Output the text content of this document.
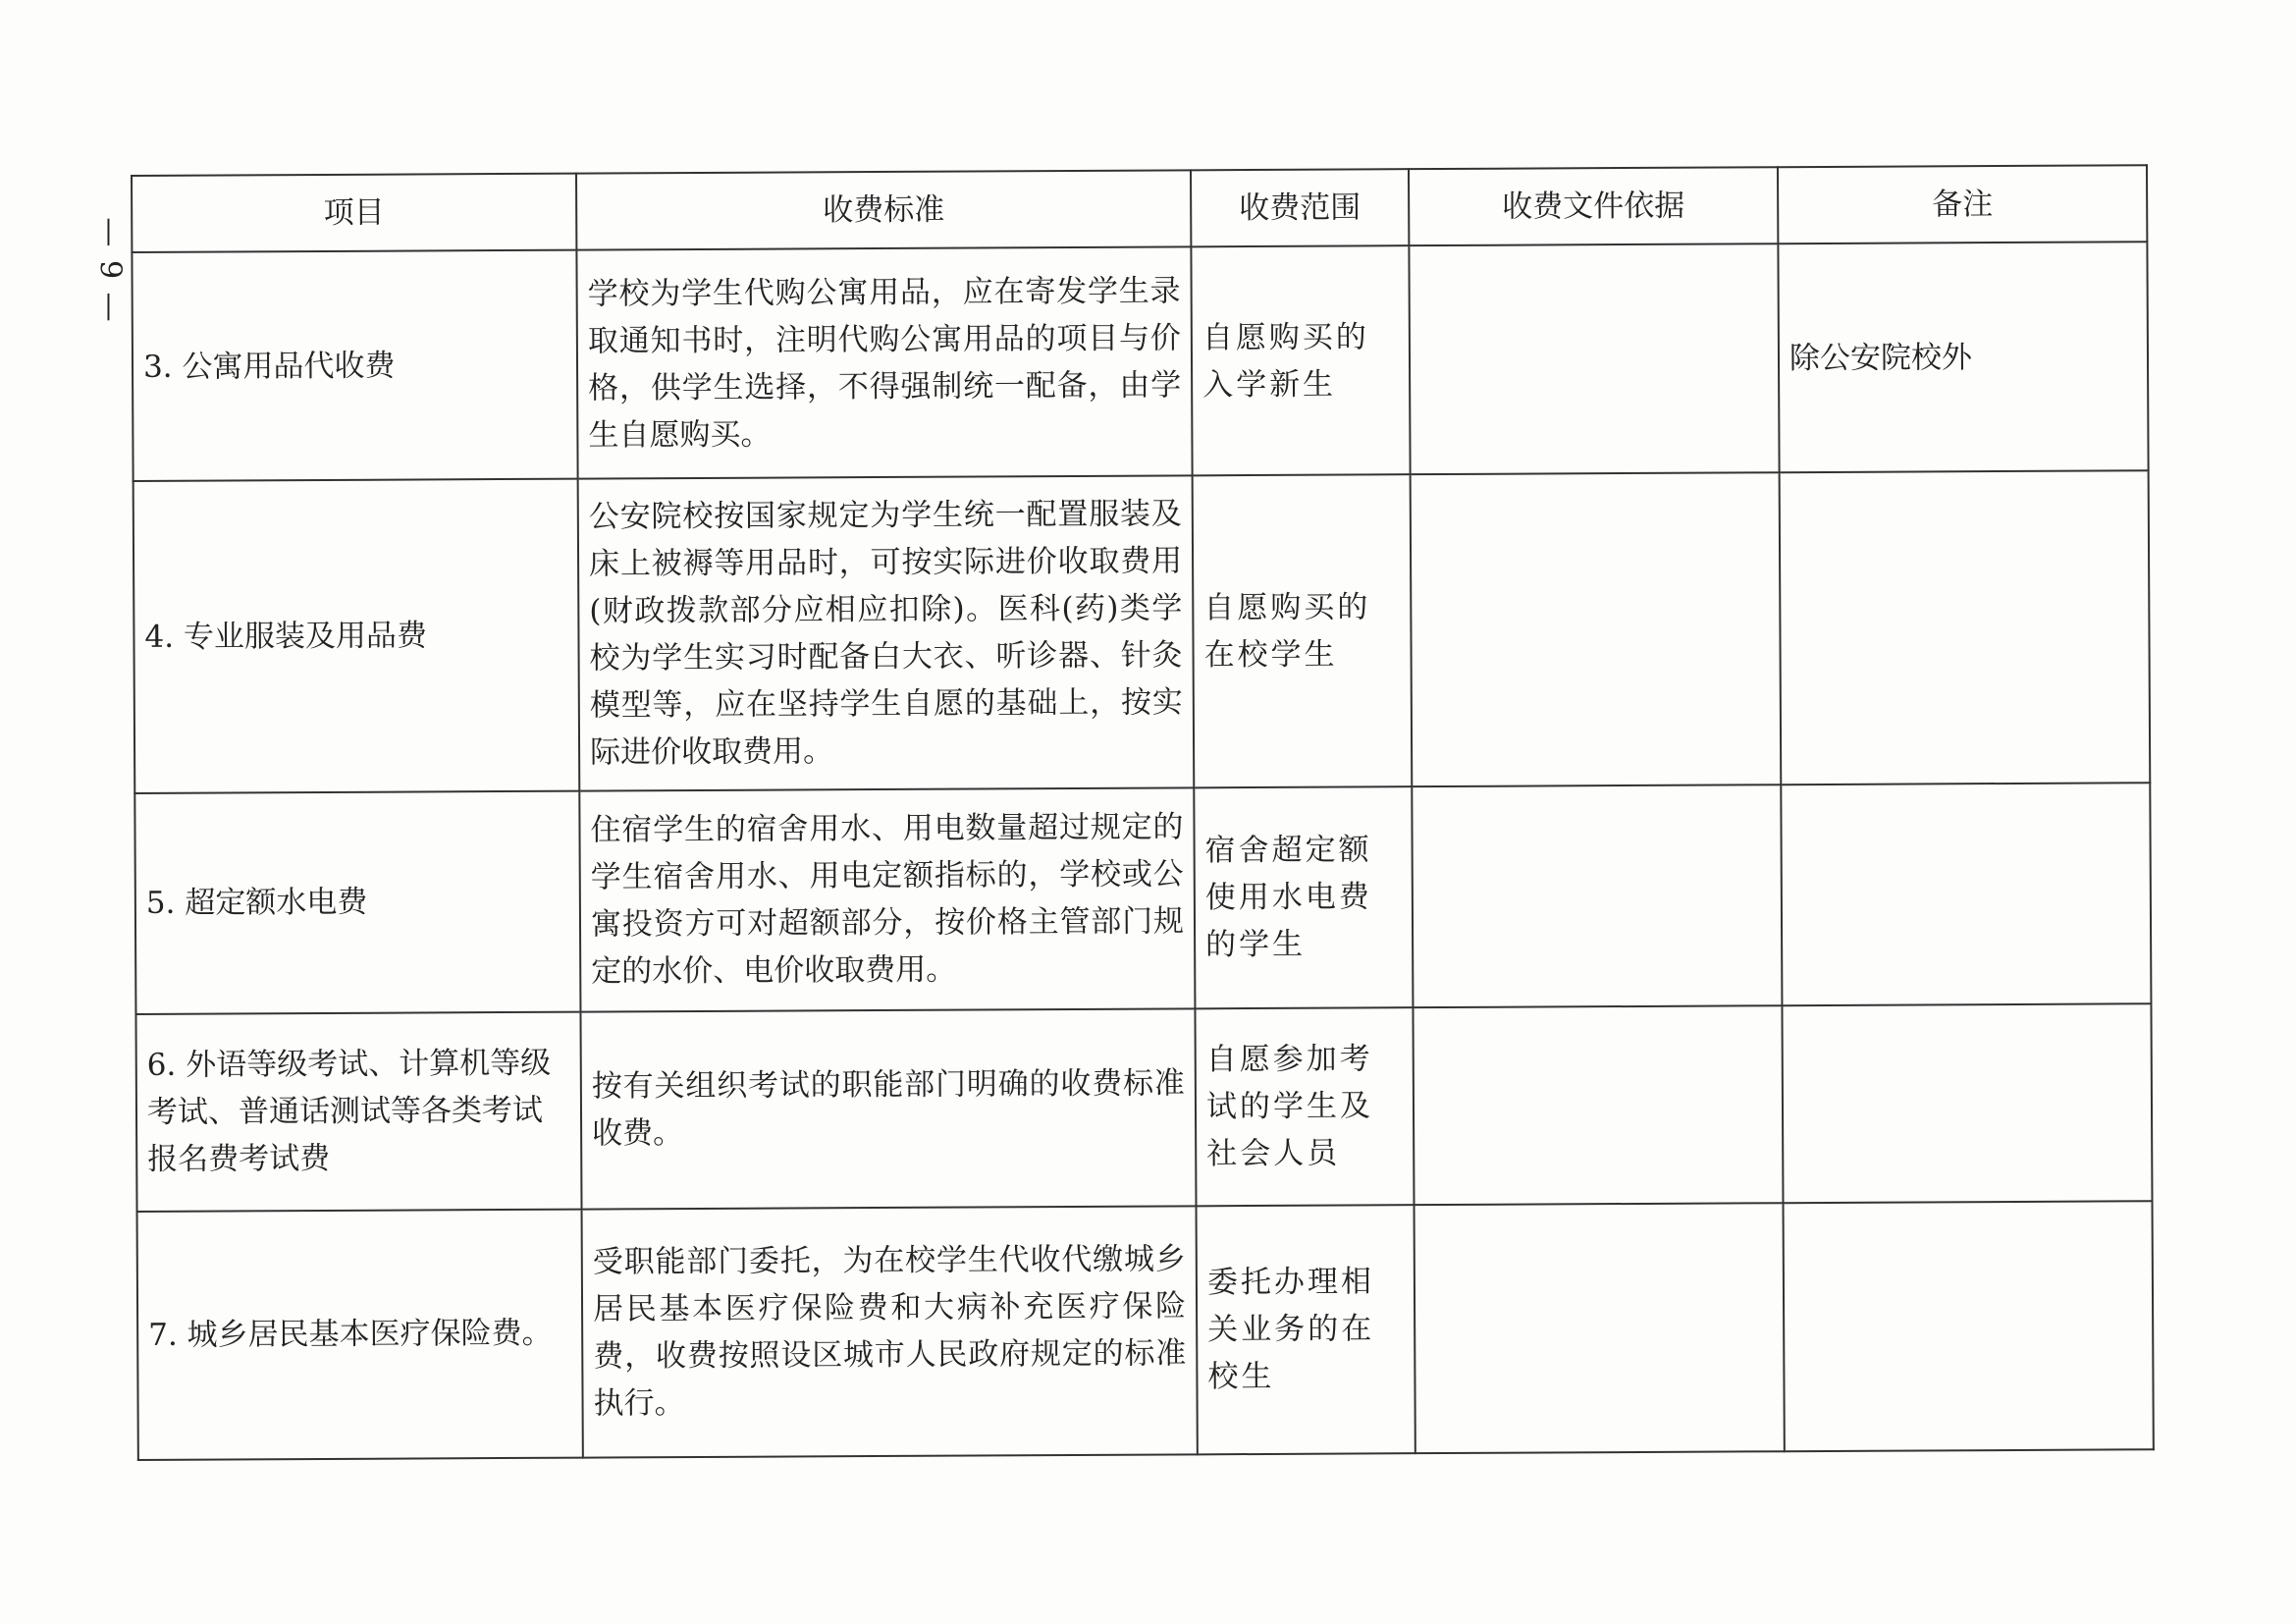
— 9 —
项目	收费标准	收费范围	收费文件依据	备注
3. 公寓用品代收费	学校为学生代购公寓用品，应在寄发学生录取通知书时，注明代购公寓用品的项目与价格，供学生选择，不得强制统一配备，由学生自愿购买。	自愿购买的入学新生		除公安院校外
4. 专业服装及用品费	公安院校按国家规定为学生统一配置服装及床上被褥等用品时，可按实际进价收取费用(财政拨款部分应相应扣除)。医科(药)类学校为学生实习时配备白大衣、听诊器、针灸模型等，应在坚持学生自愿的基础上，按实际进价收取费用。	自愿购买的在校学生		
5. 超定额水电费	住宿学生的宿舍用水、用电数量超过规定的学生宿舍用水、用电定额指标的，学校或公寓投资方可对超额部分，按价格主管部门规定的水价、电价收取费用。	宿舍超定额使用水电费的学生		
6. 外语等级考试、计算机等级考试、普通话测试等各类考试报名费考试费	按有关组织考试的职能部门明确的收费标准收费。	自愿参加考试的学生及社会人员		
7. 城乡居民基本医疗保险费。	受职能部门委托，为在校学生代收代缴城乡居民基本医疗保险费和大病补充医疗保险费，收费按照设区城市人民政府规定的标准执行。	委托办理相关业务的在校生		
